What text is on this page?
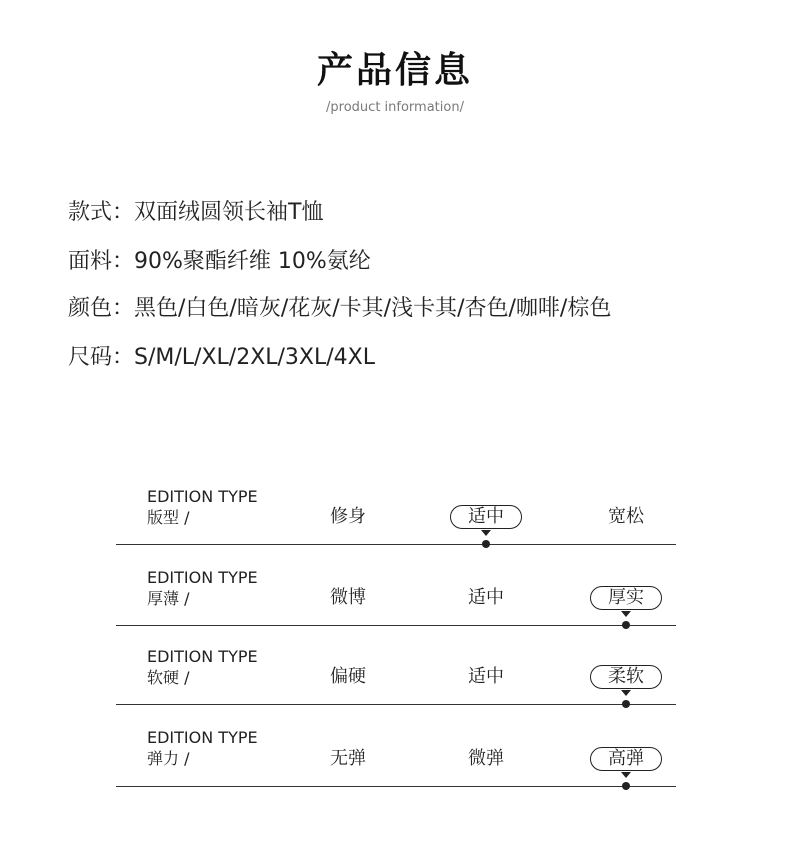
产品信息
/product information/
款式：双面绒圆领长袖T恤
面料：90%聚酯纤维 10%氨纶
颜色：黑色/白色/暗灰/花灰/卡其/浅卡其/杏色/咖啡/棕色
尺码：S/M/L/XL/2XL/3XL/4XL
EDITION TYPE
版型 /	修身	适中	宽松
EDITION TYPE
厚薄 /	微博	适中	厚实
EDITION TYPE
软硬 /	偏硬	适中	柔软
EDITION TYPE
弹力 /	无弹	微弹	高弹
